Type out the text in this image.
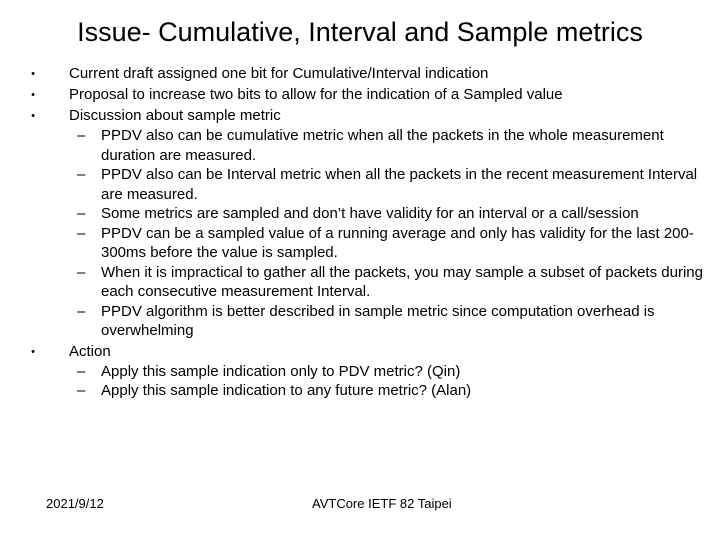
Issue- Cumulative, Interval and Sample metrics
• Current draft assigned one bit for Cumulative/Interval indication
• Proposal to increase two bits to allow for the indication of a Sampled value
• Discussion about sample metric
– PPDV also can be cumulative metric when all the packets in the whole measurement duration are measured.
– PPDV also can be Interval metric when all the packets in the recent measurement Interval are measured.
– Some metrics are sampled and don’t have validity for an interval or a call/session
– PPDV can be a sampled value of a running average and only has validity for the last 200-300ms before the value is sampled.
– When it is impractical to gather all the packets, you may sample a subset of packets during each consecutive measurement Interval.
– PPDV algorithm is better described in sample metric since computation overhead is overwhelming
• Action
– Apply this sample indication only to PDV metric? (Qin)
– Apply this sample indication to any future metric? (Alan)
2021/9/12	AVTCore IETF 82 Taipei
